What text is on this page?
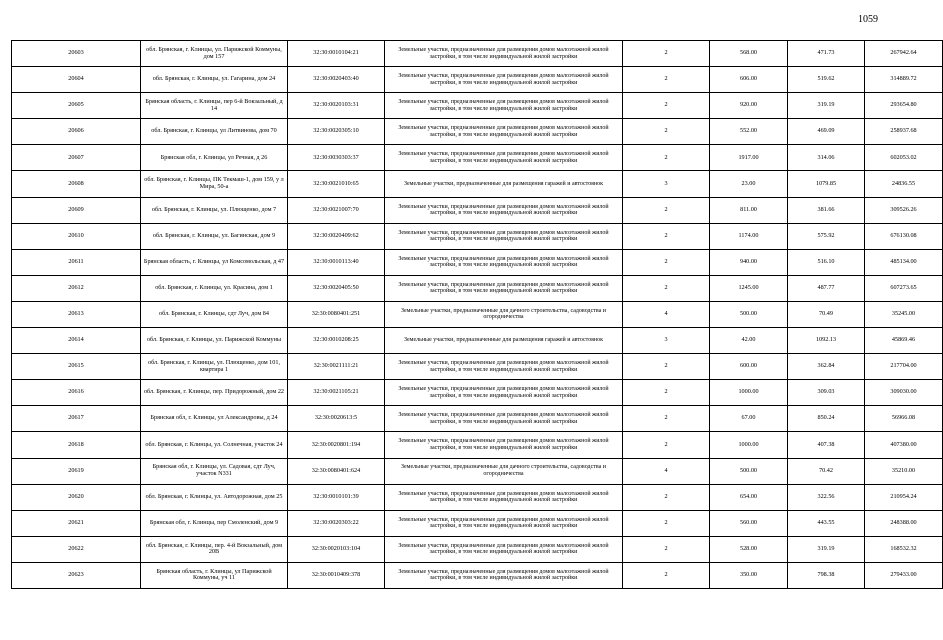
1059
20603	обл. Брянская, г. Клинцы, ул. Парижской Коммуны, дом 157	32:30:0010104:21	Земельные участки, предназначенные для размещения домов малоэтажной жилой застройки, в том числе индивидуальной жилой застройки	2	568.00	471.73	267942.64
20604	обл. Брянская, г. Клинцы, ул. Гагарина, дом 24	32:30:0020403:40	Земельные участки, предназначенные для размещения домов малоэтажной жилой застройки, в том числе индивидуальной жилой застройки	2	606.00	519.62	314889.72
20605	Брянская область, г. Клинцы, пер 6-й Вокзальный, д 14	32:30:0020103:31	Земельные участки, предназначенные для размещения домов малоэтажной жилой застройки, в том числе индивидуальной жилой застройки	2	920.00	319.19	293654.80
20606	обл. Брянская, г. Клинцы, ул Литвинова, дом 70	32:30:0020305:10	Земельные участки, предназначенные для размещения домов малоэтажной жилой застройки, в том числе индивидуальной жилой застройки	2	552.00	469.09	258937.68
20607	Брянская обл, г. Клинцы, ул Речная, д 26	32:30:0030303:37	Земельные участки, предназначенные для размещения домов малоэтажной жилой застройки, в том числе индивидуальной жилой застройки	2	1917.00	314.06	602053.02
20608	обл. Брянская, г. Клинцы, ПК Текмаш-1, дом 159, у л Мира, 50-а	32:30:0021010:65	Земельные участки, предназначенные для размещения гаражей и автостоянок	3	23.00	1079.85	24836.55
20609	обл. Брянская, г. Клинцы, ул. Плющенко, дом 7	32:30:0021007:70	Земельные участки, предназначенные для размещения домов малоэтажной жилой застройки, в том числе индивидуальной жилой застройки	2	811.00	381.66	309526.26
20610	обл. Брянская, г. Клинцы, ул. Багинская, дом 9	32:30:0020409:62	Земельные участки, предназначенные для размещения домов малоэтажной жилой застройки, в том числе индивидуальной жилой застройки	2	1174.00	575.92	676130.08
20611	Брянская область, г. Клинцы, ул Комсомольская, д 47	32:30:0010113:40	Земельные участки, предназначенные для размещения домов малоэтажной жилой застройки, в том числе индивидуальной жилой застройки	2	940.00	516.10	485134.00
20612	обл. Брянская, г. Клинцы, ул. Красина, дом 1	32:30:0020405:50	Земельные участки, предназначенные для размещения домов малоэтажной жилой застройки, в том числе индивидуальной жилой застройки	2	1245.00	487.77	607273.65
20613	обл. Брянская, г. Клинцы, сдт Луч, дом 84	32:30:0080401:251	Земельные участки, предназначенные для дачного строительства, садоводства и огородничества	4	500.00	70.49	35245.00
20614	обл. Брянская, г. Клинцы, ул. Парижской Коммуны	32:30:0010208:25	Земельные участки, предназначенные для размещения гаражей и автостоянок	3	42.00	1092.13	45869.46
20615	обл. Брянская, г. Клинцы, ул. Плющенко, дом 101, квартира 1	32:30:0021111:21	Земельные участки, предназначенные для размещения домов малоэтажной жилой застройки, в том числе индивидуальной жилой застройки	2	600.00	362.84	217704.00
20616	обл. Брянская, г. Клинцы, пер. Придорожный, дом 22	32:30:0021105:21	Земельные участки, предназначенные для размещения домов малоэтажной жилой застройки, в том числе индивидуальной жилой застройки	2	1000.00	309.03	309030.00
20617	Брянская обл, г. Клинцы, ул Александровы, д 24	32:30:0020613:5	Земельные участки, предназначенные для размещения домов малоэтажной жилой застройки, в том числе индивидуальной жилой застройки	2	67.00	850.24	56966.08
20618	обл. Брянская, г. Клинцы, ул. Солнечная, участок 24	32:30:0020801:194	Земельные участки, предназначенные для размещения домов малоэтажной жилой застройки, в том числе индивидуальной жилой застройки	2	1000.00	407.38	407380.00
20619	Брянская обл, г. Клинцы, ул. Садовая, сдт Луч, участок N331	32:30:0080401:624	Земельные участки, предназначенные для дачного строительства, садоводства и огородничества	4	500.00	70.42	35210.00
20620	обл. Брянская, г. Клинцы, ул. Автодорожная, дом 25	32:30:0010101:39	Земельные участки, предназначенные для размещения домов малоэтажной жилой застройки, в том числе индивидуальной жилой застройки	2	654.00	322.56	210954.24
20621	Брянская обл, г. Клинцы, пер Смоленский, дом 9	32:30:0020303:22	Земельные участки, предназначенные для размещения домов малоэтажной жилой застройки, в том числе индивидуальной жилой застройки	2	560.00	443.55	248388.00
20622	обл. Брянская, г. Клинцы, пер. 4-й Вокзальный, дом 20В	32:30:0020103:104	Земельные участки, предназначенные для размещения домов малоэтажной жилой застройки, в том числе индивидуальной жилой застройки	2	528.00	319.19	168532.32
20623	Брянская область, г. Клинцы, ул Парижской Коммуны, уч 11	32:30:0010409:378	Земельные участки, предназначенные для размещения домов малоэтажной жилой застройки, в том числе индивидуальной жилой застройки	2	350.00	798.38	279433.00
